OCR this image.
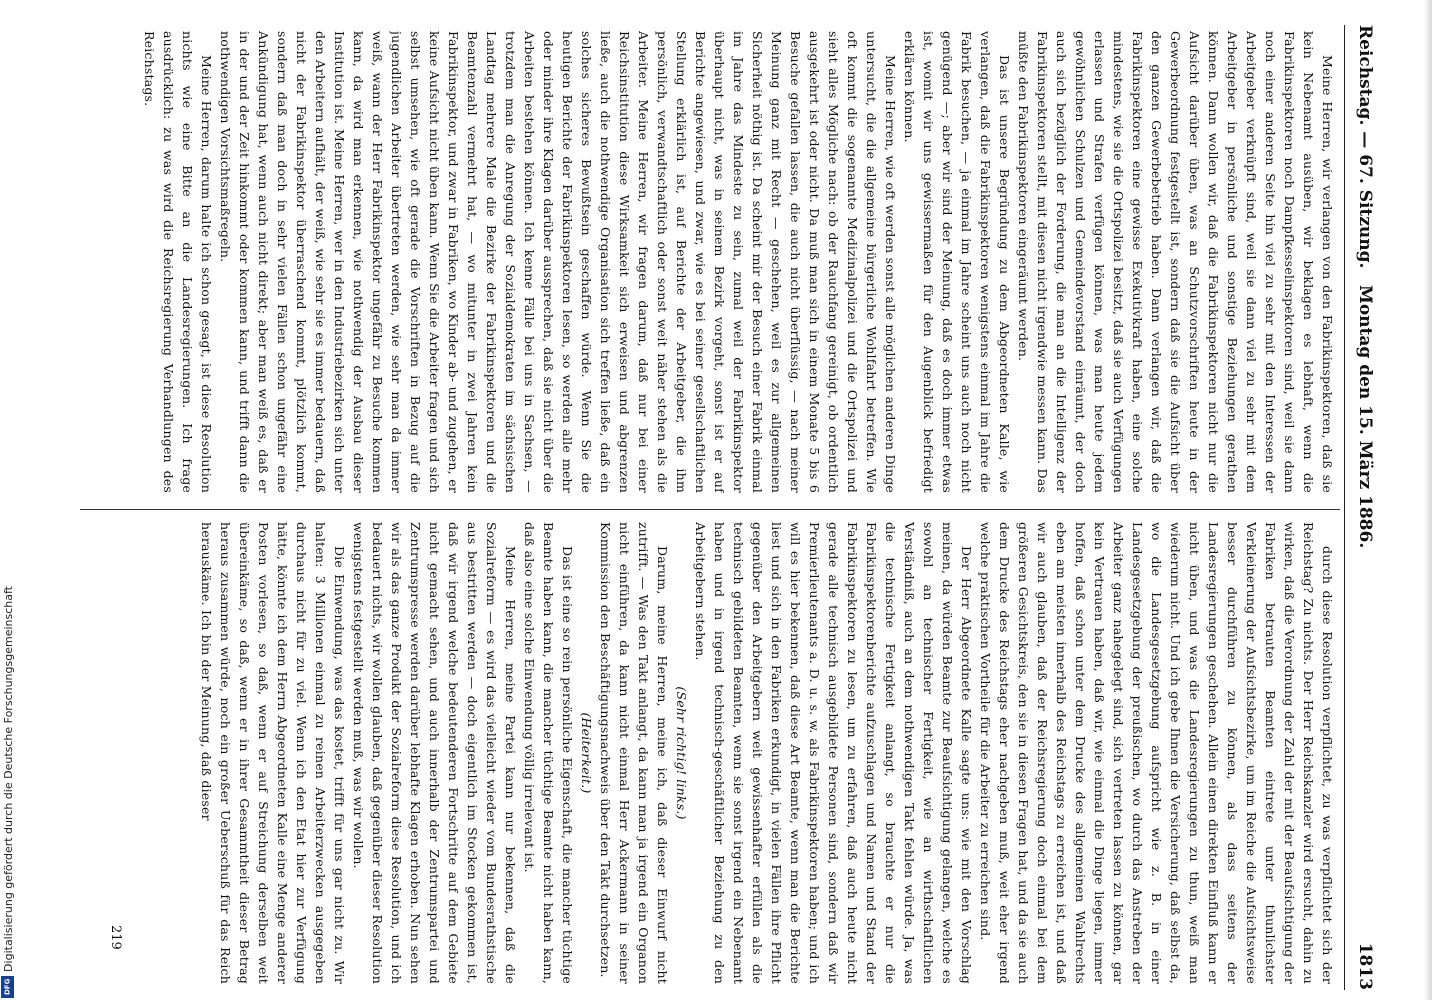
Reichstag. — 67. Sitzung.
Montag den 15. März 1886.
1813

Meine Herren, wir verlangen von den Fabrikinspektoren, daß sie kein Nebenamt ausüben, wir beklagen es lebhaft, wenn die Fabrikinspektoren noch Dampfkesselinspektoren sind, weil sie dann noch einer anderen Seite hin viel zu sehr mit den Interessen der Arbeitgeber verknüpft sind, weil sie dann viel zu sehr mit dem Arbeitgeber in persönliche und sonstige Beziehungen gerathen können. Dann wollen wir, daß die Fabrikinspektoren nicht nur die Aufsicht darüber üben, was an Schutzvorschriften heute in der Gewerbeordnung festgestellt ist, sondern daß sie die Aufsicht über den ganzen Gewerbebetrieb haben. Dann verlangen wir, daß die Fabrikinspektoren eine gewisse Exekutivkraft haben, eine solche mindestens, wie sie die Ortspolizei besitzt, daß sie auch Verfügungen erlassen und Strafen verfügen können, was man heute jedem gewöhnlichen Schulzen und Gemeindevorstand einräumt, der doch auch sich bezüglich der Forderung, die man an die Intelligenz der Fabrikinspektoren stellt, mit diesen nicht irgendwie messen kann. Das müßte den Fabrikinspektoren eingeräumt werden.

Das ist unsere Begründung zu dem Abgeordneten Kalle, wie verlangen, daß die Fabrikinspektoren wenigstens einmal im Jahre die Fabrik besuchen, — ja einmal im Jahre scheint uns auch noch nicht genügend —; aber wir sind der Meinung, daß es doch immer etwas ist, womit wir uns gewissermaßen für den Augenblick befriedigt erklären können.

Meine Herren, wie oft werden sonst alle möglichen anderen Dinge untersucht, die die allgemeine bürgerliche Wohlfahrt betreffen. Wie oft kommt die sogenannte Medizinalpolizei und die Ortspolizei und sieht alles Mögliche nach: ob der Rauchfang gereinigt, ob ordentlich ausgekehrt ist oder nicht. Da muß man sich in einem Monate 5 bis 6 Besuche gefallen lassen, die auch nicht überflüssig, — nach meiner Meinung ganz mit Recht — geschehen, weil es zur allgemeinen Sicherheit nöthig ist. Da scheint mir der Besuch einer Fabrik einmal im Jahre das Mindeste zu sein, zumal weil der Fabrikinspektor überhaupt nicht, was in seinem Bezirk vorgeht, sonst ist er auf Berichte angewiesen, und zwar, wie es bei seiner gesellschaftlichen Stellung erklärlich ist, auf Berichte der Arbeitgeber, die ihm persönlich, verwandtschaftlich oder sonst weit näher stehen als die Arbeiter. Meine Herren, wir fragen darum, daß nur bei einer Reichsinstitution diese Wirksamkeit sich erweisen und abgrenzen ließe, auch die nothwendige Organisation sich treffen ließe, daß ein solches sicheres Bewußtsein geschaffen würde. Wenn Sie die heutigen Berichte der Fabrikinspektoren lesen, so werden alle mehr oder minder ihre Klagen darüber aussprechen, daß sie nicht über die Arbeiten bestehen können. Ich kenne Fälle bei uns in Sachsen, — trotzdem man die Anregung der Sozialdemokraten im sächsischen Landtag mehrere Male die Bezirke der Fabrikinspektoren und die Beamtenzahl vermehrt hat, — wo mitunter in zwei Jahren kein Fabrikinspektor, und zwar in Fabriken, wo Kinder ab- und zugehen, er keine Aufsicht nicht üben kann. Wenn Sie die Arbeiter fragen und sich selbst umsehen, wie oft gerade die Vorschriften in Bezug auf die jugendlichen Arbeiter übertreten werden, wie sehr man da immer weiß, wann der Herr Fabrikinspektor ungefähr zu Besuche kommen kann, da wird man erkennen, wie nothwendig der Ausbau dieser Institution ist. Meine Herren, wer in den Industriebezirken sich unter den Arbeitern aufhält, der weiß, wie sehr sie es immer bedauern, daß nicht der Fabrikinspektor überraschend kommt, plötzlich kommt, sondern daß man doch in sehr vielen Fällen schon ungefähr eine Ankündigung hat, wenn auch nicht direkt; aber man weiß es, daß er in der und der Zeit hinkommt oder kommen kann, und trifft dann die nothwendigen Vorsichtsmaßregeln.

Meine Herren, darum halte ich schon gesagt, ist diese Resolution nichts wie eine Bitte an die Landesregierungen. Ich frage ausdrücklich: zu was wird die Reichsregierung Verhandlungen des Reichstags.

durch diese Resolution verpflichtet, zu was verpflichtet sich der Reichstag? Zu nichts. Der Herr Reichskanzler wird ersucht, dahin zu wirken, daß die Verordnung der Zahl der mit der Beaufsichtigung der Fabriken betrauten Beamten eintrete unter thunlichster Verkleinerung der Aufsichtsbezirke, um im Reiche die Aufsichtsweise besser durchführen zu können, als dass seitens der Landesregierungen geschehen. Allein einen direkten Einfluß kann er nicht üben, und was die Landesregierungen zu thun, weiß man wiederum nicht. Und ich gebe Ihnen die Versicherung, daß selbst da, wo die Landesgesetzgebung aufspricht wie z. B. in einer Landesgesetzgebung der preußischen, wo durch das Anstreben der Arbeiter ganz nahegelegt sind, sich vertreten lassen zu können, gar kein Vertrauen haben, daß wir, wie einmal die Dinge liegen, immer hoffen, daß schon unter dem Drucke des allgemeinen Wahlrechts eben am meisten innerhalb des Reichstags zu erreichen ist, und daß wir auch glauben, daß der Reichsregierung doch einmal bei dem größeren Gesichtskreis, den sie in diesen Fragen hat, und da sie auch dem Drucke des Reichstags eher nachgeben muß, weit eher irgend welche praktischen Vortheile für die Arbeiter zu erreichen sind.

Der Herr Abgeordnete Kalle sagte uns: wie mit den Vorschlag meinen, da würden Beamte zur Beaufsichtigung gelangen, welche es sowohl an technischer Fertigkeit, wie an wirthschaftlichen Verständniß, auch an dem nothwendigen Takt fehlen würde. Ja, was die technische Fertigkeit anlangt, so brauchte er nur die Fabrikinspektorenberichte aufzuschlagen und Namen und Stand der Fabrikinspektoren zu lesen, um zu erfahren, daß auch heute nicht gerade alle technisch ausgebildete Personen sind, sondern daß wir Premierlieutenants a. D. u. s. w. als Fabrikinspektoren haben; und ich will es hier bekennen, daß diese Art Beamte, wenn man die Berichte liest und sich in den Fabriken erkundigt, in vielen Fällen ihre Pflicht gegenüber den Arbeitgebern weit gewissenhafter erfüllen als die technisch gebildeten Beamten, wenn sie sonst irgend ein Nebenamt haben und in irgend technisch-geschäftlicher Beziehung zu den Arbeitgebern stehen.

(Sehr richtig! links.)

Darum, meine Herren, meine ich, daß dieser Einwurf nicht zutrifft. — Was den Takt anlangt, da kann man ja irgend ein Organon nicht einführen, da kann nicht einmal Herr Ackermann in seiner Kommission den Beschäftigungsnachweis über den Takt durchsetzen.

(Heiterkeit.)

Das ist eine so rein persönliche Eigenschaft, die mancher tüchtige Beamte haben kann, die mancher tüchtige Beamte nicht haben kann, daß also eine solche Einwendung völlig irrelevant ist.

Meine Herren, meine Partei kann nur bekennen, daß die Sozialreform — es wird das vielleicht wieder vom Bundesrathstische aus bestritten werden — doch eigentlich im Stocken gekommen ist, daß wir irgend welche bedeutenderen Fortschritte auf dem Gebiete nicht gemacht sehen, und auch innerhalb der Zentrumspartei und Zentrumspresse werden darüber lebhafte Klagen erhoben. Nun sehen wir als das ganze Produkt der Sozialreform diese Resolution, und ich bedauert nichts, wir wollen glauben, daß gegenüber dieser Resolution wenigstens festgestellt werden muß, was wir wollen.

Die Einwendung, was das kostet, trifft für uns gar nicht zu. Wir halten: 3 Millionen einmal zu reinen Arbeiterzwecken ausgegeben durchaus nicht für zu viel. Wenn ich den Etat hier zur Verfügung hätte, könnte ich dem Herrn Abgeordneten Kalle eine Menge anderer Posten vorlesen, so daß, wenn er auf Streichung derselben weit übereinkäme, so daß, wenn er in ihrer Gesammtheit dieser Betrag heraus zusammen würde, noch ein großer Ueberschuß für das Reich herauskäme. Ich bin der Meinung, daß dieser

219
Digitalisierung gefördert durch die Deutsche Forschungsgemeinschaft
DFG
